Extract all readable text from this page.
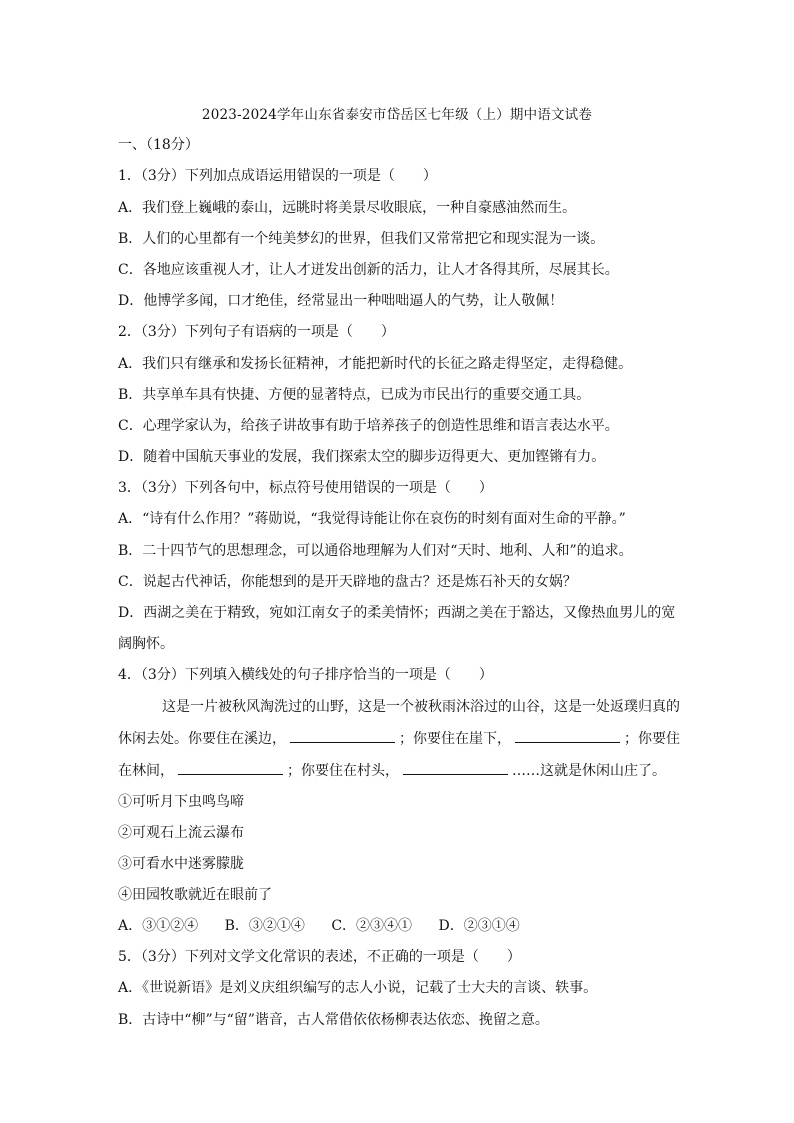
2023-2024学年山东省泰安市岱岳区七年级（上）期中语文试卷
一、（18分）
1．（3分）下列加点成语运用错误的一项是（　　）
A．我们登上巍峨的泰山，远眺时将美景尽收眼底，一种自豪感油然而生。
B．人们的心里都有一个纯美梦幻的世界，但我们又常常把它和现实混为一谈。
C．各地应该重视人才，让人才迸发出创新的活力，让人才各得其所，尽展其长。
D．他博学多闻，口才绝佳，经常显出一种咄咄逼人的气势，让人敬佩！
2．（3分）下列句子有语病的一项是（　　）
A．我们只有继承和发扬长征精神，才能把新时代的长征之路走得坚定，走得稳健。
B．共享单车具有快捷、方便的显著特点，已成为市民出行的重要交通工具。
C．心理学家认为，给孩子讲故事有助于培养孩子的创造性思维和语言表达水平。
D．随着中国航天事业的发展，我们探索太空的脚步迈得更大、更加铿锵有力。
3．（3分）下列各句中，标点符号使用错误的一项是（　　）
A．“诗有什么作用？”蒋勋说，“我觉得诗能让你在哀伤的时刻有面对生命的平静。”
B．二十四节气的思想理念，可以通俗地理解为人们对“天时、地利、人和”的追求。
C．说起古代神话，你能想到的是开天辟地的盘古？还是炼石补天的女娲？
D．西湖之美在于精致，宛如江南女子的柔美情怀；西湖之美在于豁达，又像热血男儿的宽
阔胸怀。
4．（3分）下列填入横线处的句子排序恰当的一项是（　　）
这是一片被秋风淘洗过的山野，这是一个被秋雨沐浴过的山谷，这是一处返璞归真的
休闲去处。你要住在溪边，	；你要住在崖下，	；你要住
在林间，	；你要住在村头，	……这就是休闲山庄了。
①可听月下虫鸣鸟啼
②可观石上流云瀑布
③可看水中迷雾朦胧
④田园牧歌就近在眼前了
A．③①②④ B．③②①④ C．②③④① D．②③①④
5．（3分）下列对文学文化常识的表述，不正确的一项是（　　）
A．《世说新语》是刘义庆组织编写的志人小说，记载了士大夫的言谈、轶事。
B．古诗中“柳”与“留”谐音，古人常借依依杨柳表达依恋、挽留之意。
